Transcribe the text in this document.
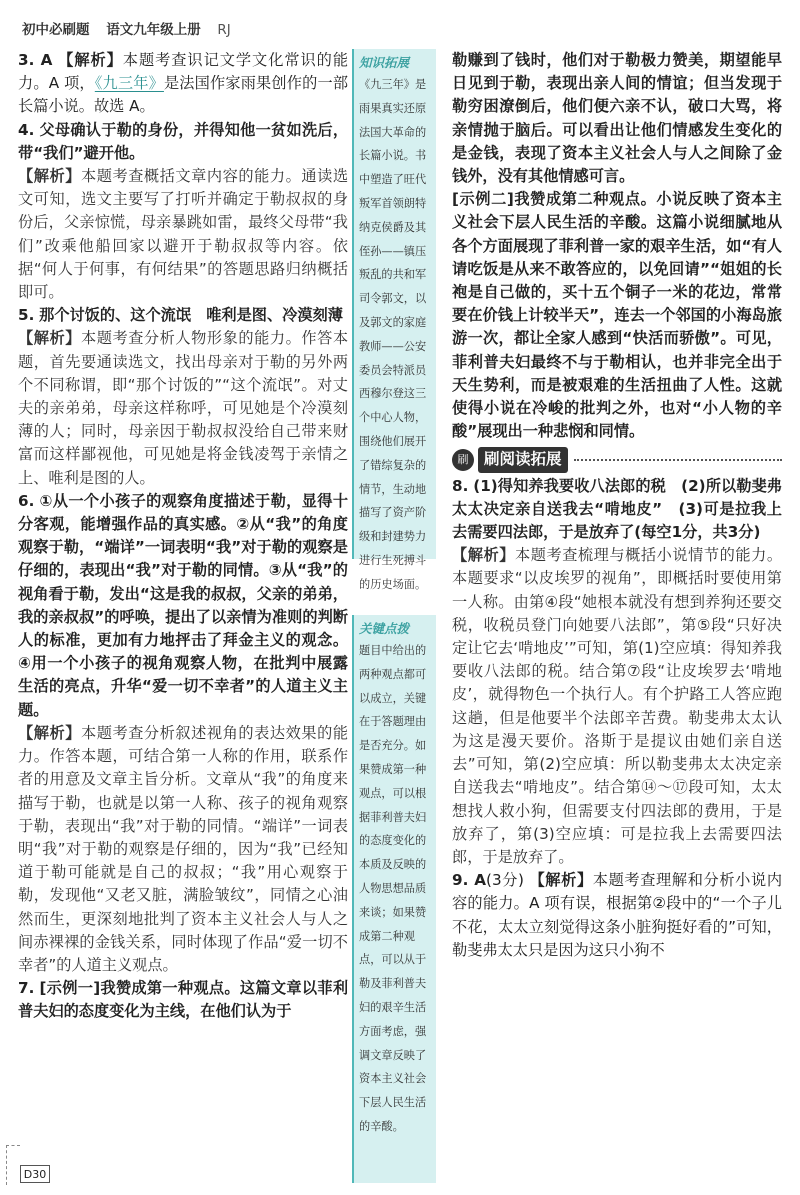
初中必刷题 语文九年级上册 RJ

3. A 【解析】本题考查识记文学文化常识的能力。A 项，《九三年》是法国作家雨果创作的一部长篇小说。故选 A。

4. 父母确认于勒的身份，并得知他一贫如洗后，带“我们”避开他。

【解析】本题考查概括文章内容的能力。通读选文可知，选文主要写了打听并确定于勒叔叔的身份后，父亲惊慌，母亲暴跳如雷，最终父母带“我们”改乘他船回家以避开于勒叔叔等内容。依据“何人于何事，有何结果”的答题思路归纳概括即可。

5. 那个讨饭的、这个流氓　唯利是图、冷漠刻薄

【解析】本题考查分析人物形象的能力。作答本题，首先要通读选文，找出母亲对于勒的另外两个不同称谓，即“那个讨饭的”“这个流氓”。对丈夫的亲弟弟，母亲这样称呼，可见她是个冷漠刻薄的人；同时，母亲因于勒叔叔没给自己带来财富而这样鄙视他，可见她是将金钱凌驾于亲情之上、唯利是图的人。

6. ①从一个小孩子的观察角度描述于勒，显得十分客观，能增强作品的真实感。②从“我”的角度观察于勒，“端详”一词表明“我”对于勒的观察是仔细的，表现出“我”对于勒的同情。③从“我”的视角看于勒，发出“这是我的叔叔，父亲的弟弟，我的亲叔叔”的呼唤，提出了以亲情为准则的判断人的标准，更加有力地抨击了拜金主义的观念。④用一个小孩子的视角观察人物，在批判中展露生活的亮点，升华“爱一切不幸者”的人道主义主题。

【解析】本题考查分析叙述视角的表达效果的能力。作答本题，可结合第一人称的作用，联系作者的用意及文章主旨分析。文章从“我”的角度来描写于勒，也就是以第一人称、孩子的视角观察于勒，表现出“我”对于勒的同情。“端详”一词表明“我”对于勒的观察是仔细的，因为“我”已经知道于勒可能就是自己的叔叔；“我”用心观察于勒，发现他“又老又脏，满脸皱纹”，同情之心油然而生，更深刻地批判了资本主义社会人与人之间赤裸裸的金钱关系，同时体现了作品“爱一切不幸者”的人道主义观点。

7. [示例一]我赞成第一种观点。这篇文章以菲利普夫妇的态度变化为主线，在他们认为于

知识拓展
《九三年》是雨果真实还原法国大革命的长篇小说。书中塑造了旺代叛军首领朗特纳克侯爵及其侄孙——镇压叛乱的共和军司令郭文，以及郭文的家庭教师——公安委员会特派员西穆尔登这三个中心人物，围绕他们展开了错综复杂的情节，生动地描写了资产阶级和封建势力进行生死搏斗的历史场面。
关键点拨
题目中给出的两种观点都可以成立，关键在于答题理由是否充分。如果赞成第一种观点，可以根据菲利普夫妇的态度变化的本质及反映的人物思想品质来谈；如果赞成第二种观点，可以从于勒及菲利普夫妇的艰辛生活方面考虑，强调文章反映了资本主义社会下层人民生活的辛酸。

勒赚到了钱时，他们对于勒极力赞美，期望能早日见到于勒，表现出亲人间的情谊；但当发现于勒穷困潦倒后，他们便六亲不认，破口大骂，将亲情抛于脑后。可以看出让他们情感发生变化的是金钱，表现了资本主义社会人与人之间除了金钱外，没有其他情感可言。

[示例二]我赞成第二种观点。小说反映了资本主义社会下层人民生活的辛酸。这篇小说细腻地从各个方面展现了菲利普一家的艰辛生活，如“有人请吃饭是从来不敢答应的，以免回请”“姐姐的长袍是自己做的，买十五个铜子一米的花边，常常要在价钱上计较半天”，连去一个邻国的小海岛旅游一次，都让全家人感到“快活而骄傲”。可见，菲利普夫妇最终不与于勒相认，也并非完全出于天生势利，而是被艰难的生活扭曲了人性。这就使得小说在冷峻的批判之外，也对“小人物的辛酸”展现出一种悲悯和同情。

刷	刷阅读拓展

8. (1)得知养我要收八法郎的税　(2)所以勒斐弗太太决定亲自送我去“啃地皮”　(3)可是拉我上去需要四法郎，于是放弃了(每空1分，共3分)

【解析】本题考查梳理与概括小说情节的能力。本题要求“以皮埃罗的视角”，即概括时要使用第一人称。由第④段“她根本就没有想到养狗还要交税，收税员登门向她要八法郎”，第⑤段“只好决定让它去‘啃地皮’”可知，第(1)空应填：得知养我要收八法郎的税。结合第⑦段“让皮埃罗去‘啃地皮’，就得物色一个执行人。有个护路工人答应跑这趟，但是他要半个法郎辛苦费。勒斐弗太太认为这是漫天要价。洛斯于是提议由她们亲自送去”可知，第(2)空应填：所以勒斐弗太太决定亲自送我去“啃地皮”。结合第⑭～⑰段可知，太太想找人救小狗，但需要支付四法郎的费用，于是放弃了，第(3)空应填：可是拉我上去需要四法郎，于是放弃了。

9. A(3分) 【解析】本题考查理解和分析小说内容的能力。A 项有误，根据第②段中的“一个子儿不花，太太立刻觉得这条小脏狗挺好看的”可知，勒斐弗太太只是因为这只小狗不

D30
